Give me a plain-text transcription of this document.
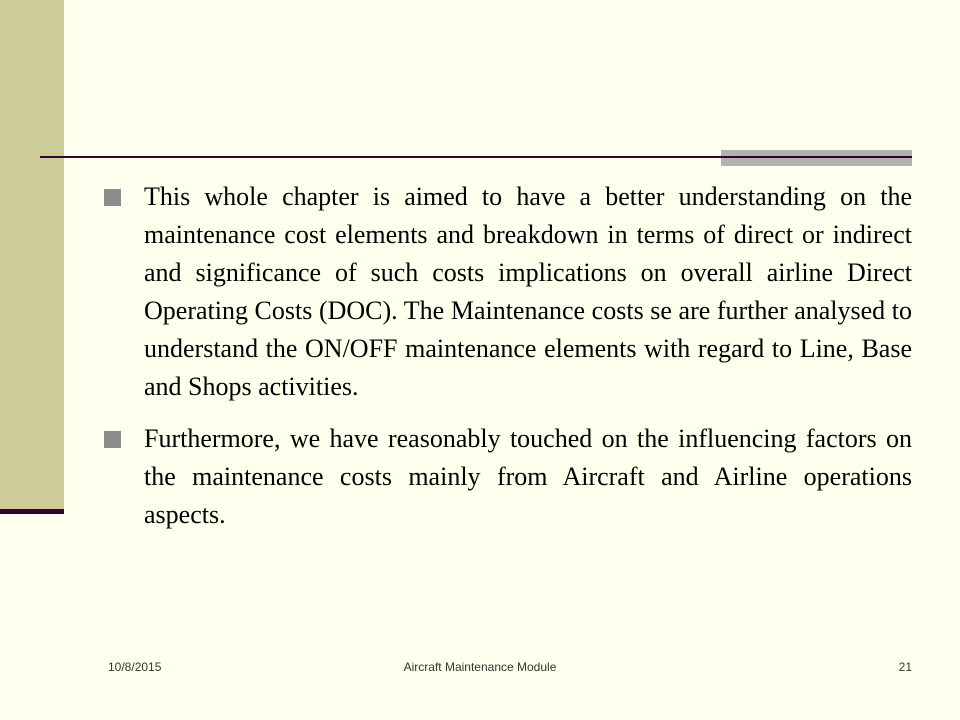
This whole chapter is aimed to have a better understanding on the maintenance cost elements and breakdown in terms of direct or indirect and significance of such costs implications on overall airline Direct Operating Costs (DOC). The Maintenance costs se are further analysed to understand the ON/OFF maintenance elements with regard to Line, Base and Shops activities.
Furthermore, we have reasonably touched on the influencing factors on the maintenance costs mainly from Aircraft and Airline operations aspects.
10/8/2015	Aircraft Maintenance Module	21
